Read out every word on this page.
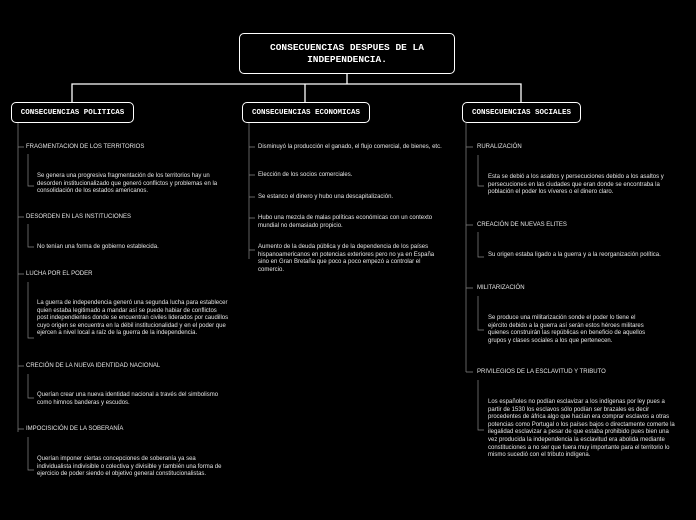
CONSECUENCIAS DESPUES DE LA INDEPENDENCIA.
CONSECUENCIAS POLITICAS	CONSECUENCIAS ECONOMICAS	CONSECUENCIAS SOCIALES
FRAGMENTACION DE LOS TERRITORIOS
Se genera una progresiva fragmentación de los territorios hay un desorden institucionalizado que generó conflictos y problemas en la consolidación de los estados americanos.
DESORDEN EN LAS INSTITUCIONES
No tenían una forma de gobierno establecida.
LUCHA POR EL PODER
La guerra de independencia generó una segunda lucha para establecer quien estaba legitimado a mandar así se puede habiar de conflictos post independientes donde se encuentran civiles liderados por caudillos cuyo origen se encuentra en la débil institucionalidad y en el poder que ejercen a nivel local a raíz de la guerra de la independencia.
CRECIÓN DE LA NUEVA IDENTIDAD NACIONAL
Querían crear una nueva identidad nacional a través del simbolismo como himnos banderas y escudos.
IMPOCISICIÓN DE LA SOBERANÍA
Querían imponer ciertas concepciones de soberanía ya sea individualista indivisible o colectiva y divisible y también una forma de ejercicio de poder siendo el objetivo general constitucionalistas.
Disminuyó la producción el ganado, el flujo comercial, de bienes, etc.
Elección de los socios comerciales.
Se estanco el dinero y hubo una descapitalización.
Hubo una mezcla de malas políticas económicas con un contexto mundial no demasiado propicio.
Aumento de la deuda pública y de la dependencia de los países hispanoamericanos en potencias exteriores pero no ya en España sino en Gran Bretaña que poco a poco empezó a controlar el comercio.
RURALIZACIÓN
Esta se debió a los asaltos y persecuciones debido a los asaltos y persecuciones en las ciudades que eran donde se encontraba la población el poder los víveres o el dinero claro.
CREACIÓN DE NUEVAS ELITES
Su origen estaba ligado a la guerra y a la reorganización política.
MILITARIZACIÓN
Se produce una militarización sonde el poder lo tiene el ejército debido a la guerra así serán estos héroes militares quienes construirán las repúblicas en beneficio de aquellos grupos y clases sociales a los que pertenecen.
PRIVILEGIOS DE LA ESCLAVITUD Y TRIBUTO
Los españoles no podían esclavizar a los indígenas por ley pues a partir de 1530 los esclavos sólo podían ser brazales es decir procedentes de áfrica algo que hacían era comprar esclavos a otras potencias como Portugal o los países bajos o directamente comerte la ilegalidad esclavizar a pesar de que estaba prohibido pues bien una vez producida la independencia la esclavitud era abolida mediante constituciones a no ser que fuera muy importante para el territorio lo mismo sucedió con el tributo indígena.
